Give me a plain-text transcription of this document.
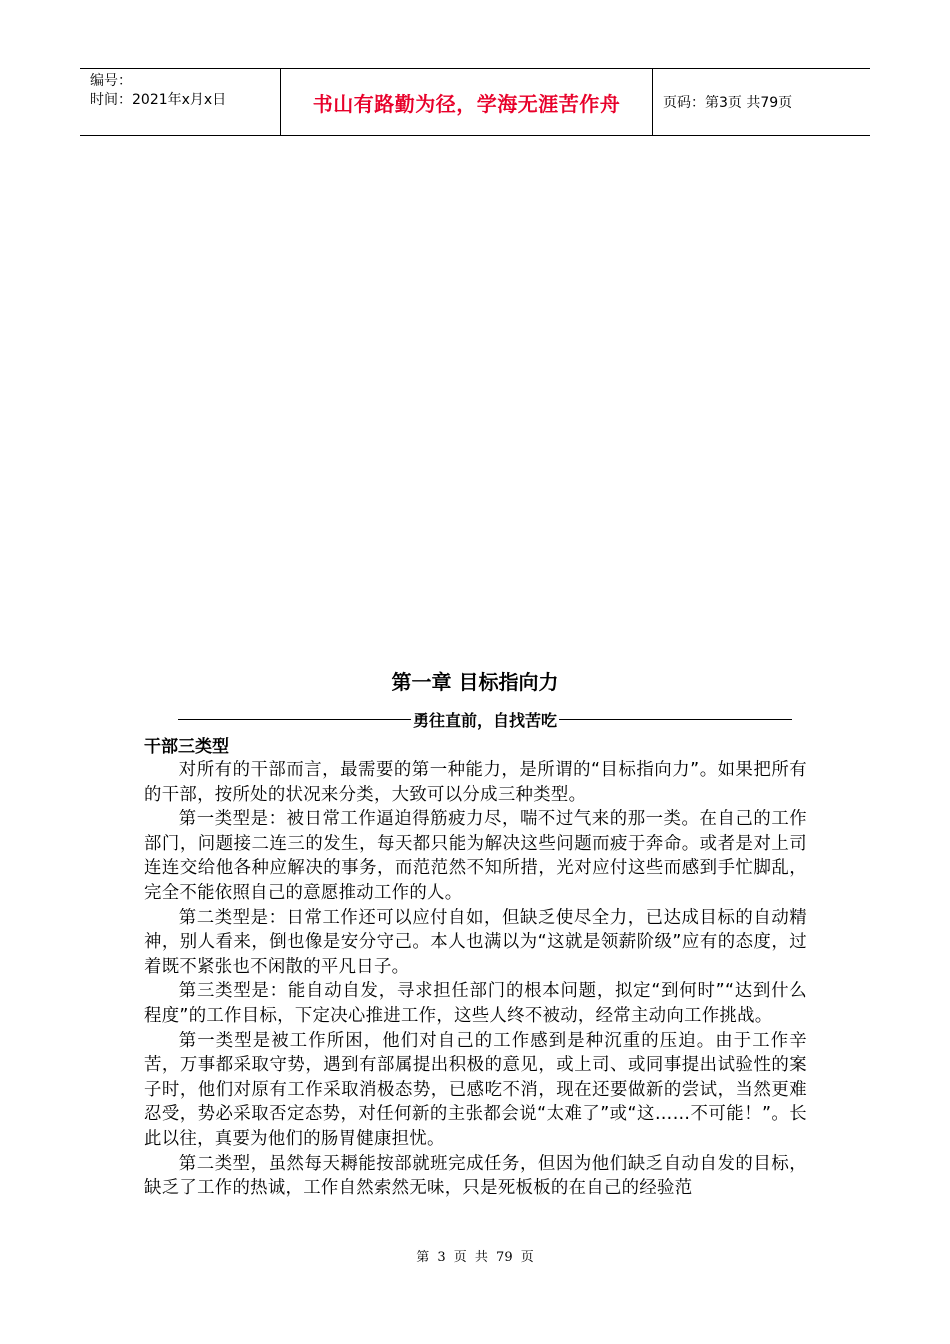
编号：
时间：2021年x月x日	书山有路勤为径，学海无涯苦作舟	页码：第3页 共79页
第一章 目标指向力
勇往直前，自找苦吃
干部三类型

对所有的干部而言，最需要的第一种能力，是所谓的“目标指向力”。如果把所有的干部，按所处的状况来分类，大致可以分成三种类型。

第一类型是：被日常工作逼迫得筋疲力尽，喘不过气来的那一类。在自己的工作部门，问题接二连三的发生，每天都只能为解决这些问题而疲于奔命。或者是对上司连连交给他各种应解决的事务，而范范然不知所措，光对应付这些而感到手忙脚乱，完全不能依照自己的意愿推动工作的人。

第二类型是：日常工作还可以应付自如，但缺乏使尽全力，已达成目标的自动精神，别人看来，倒也像是安分守己。本人也满以为“这就是领薪阶级”应有的态度，过着既不紧张也不闲散的平凡日子。

第三类型是：能自动自发，寻求担任部门的根本问题，拟定“到何时”“达到什么程度”的工作目标，下定决心推进工作，这些人终不被动，经常主动向工作挑战。

第一类型是被工作所困，他们对自己的工作感到是种沉重的压迫。由于工作辛苦，万事都采取守势，遇到有部属提出积极的意见，或上司、或同事提出试验性的案子时，他们对原有工作采取消极态势，已感吃不消，现在还要做新的尝试，当然更难忍受，势必采取否定态势，对任何新的主张都会说“太难了”或“这……不可能！”。长此以往，真要为他们的肠胃健康担忧。

第二类型，虽然每天耨能按部就班完成任务，但因为他们缺乏自动自发的目标，缺乏了工作的热诚，工作自然索然无味，只是死板板的在自己的经验范

第 3 页 共 79 页
